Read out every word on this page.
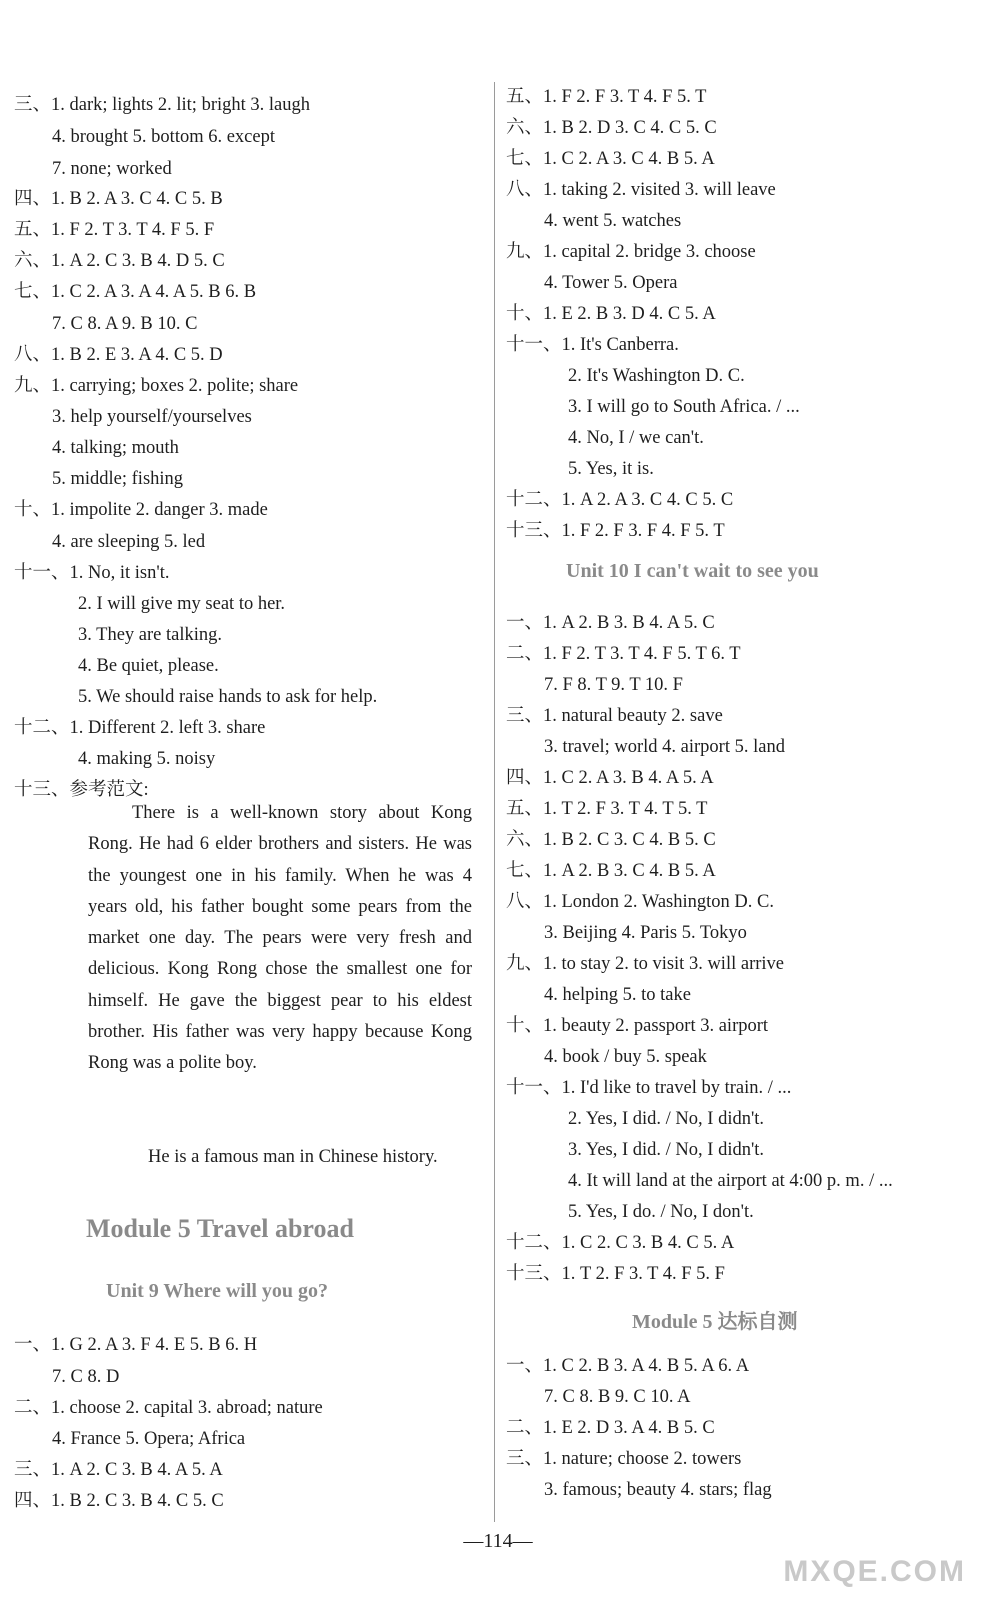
There is a well-known story about Kong Rong. He had 6 elder brothers and sisters. He was the youngest one in his family. When he was 4 years old, his father bought some pears from the market one day. The pears were very fresh and delicious. Kong Rong chose the smallest one for himself. He gave the biggest pear to his eldest brother. His father was very happy because Kong Rong was a polite boy.
He is a famous man in Chinese history.
Module 5 Travel abroad
Unit 9 Where will you go?
Unit 10 I can't wait to see you
Module 5 达标自测
—114—
MXQE.COM
三、1. dark; lights 2. lit; bright 3. laugh
4. brought 5. bottom 6. except
7. none; worked
四、1. B 2. A 3. C 4. C 5. B
五、1. F 2. T 3. T 4. F 5. F
六、1. A 2. C 3. B 4. D 5. C
七、1. C 2. A 3. A 4. A 5. B 6. B
7. C 8. A 9. B 10. C
八、1. B 2. E 3. A 4. C 5. D
九、1. carrying; boxes 2. polite; share
3. help yourself/yourselves
4. talking; mouth
5. middle; fishing
十、1. impolite 2. danger 3. made
4. are sleeping 5. led
十一、1. No, it isn't.
2. I will give my seat to her.
3. They are talking.
4. Be quiet, please.
5. We should raise hands to ask for help.
十二、1. Different 2. left 3. share
4. making 5. noisy
十三、参考范文:
一、1. G 2. A 3. F 4. E 5. B 6. H
7. C 8. D
二、1. choose 2. capital 3. abroad; nature
4. France 5. Opera; Africa
三、1. A 2. C 3. B 4. A 5. A
四、1. B 2. C 3. B 4. C 5. C
五、1. F 2. F 3. T 4. F 5. T
六、1. B 2. D 3. C 4. C 5. C
七、1. C 2. A 3. C 4. B 5. A
八、1. taking 2. visited 3. will leave
4. went 5. watches
九、1. capital 2. bridge 3. choose
4. Tower 5. Opera
十、1. E 2. B 3. D 4. C 5. A
十一、1. It's Canberra.
2. It's Washington D. C.
3. I will go to South Africa. / ...
4. No, I / we can't.
5. Yes, it is.
十二、1. A 2. A 3. C 4. C 5. C
十三、1. F 2. F 3. F 4. F 5. T
一、1. A 2. B 3. B 4. A 5. C
二、1. F 2. T 3. T 4. F 5. T 6. T
7. F 8. T 9. T 10. F
三、1. natural beauty 2. save
3. travel; world 4. airport 5. land
四、1. C 2. A 3. B 4. A 5. A
五、1. T 2. F 3. T 4. T 5. T
六、1. B 2. C 3. C 4. B 5. C
七、1. A 2. B 3. C 4. B 5. A
八、1. London 2. Washington D. C.
3. Beijing 4. Paris 5. Tokyo
九、1. to stay 2. to visit 3. will arrive
4. helping 5. to take
十、1. beauty 2. passport 3. airport
4. book / buy 5. speak
十一、1. I'd like to travel by train. / ...
2. Yes, I did. / No, I didn't.
3. Yes, I did. / No, I didn't.
4. It will land at the airport at 4:00 p. m. / ...
5. Yes, I do. / No, I don't.
十二、1. C 2. C 3. B 4. C 5. A
十三、1. T 2. F 3. T 4. F 5. F
一、1. C 2. B 3. A 4. B 5. A 6. A
7. C 8. B 9. C 10. A
二、1. E 2. D 3. A 4. B 5. C
三、1. nature; choose 2. towers
3. famous; beauty 4. stars; flag
